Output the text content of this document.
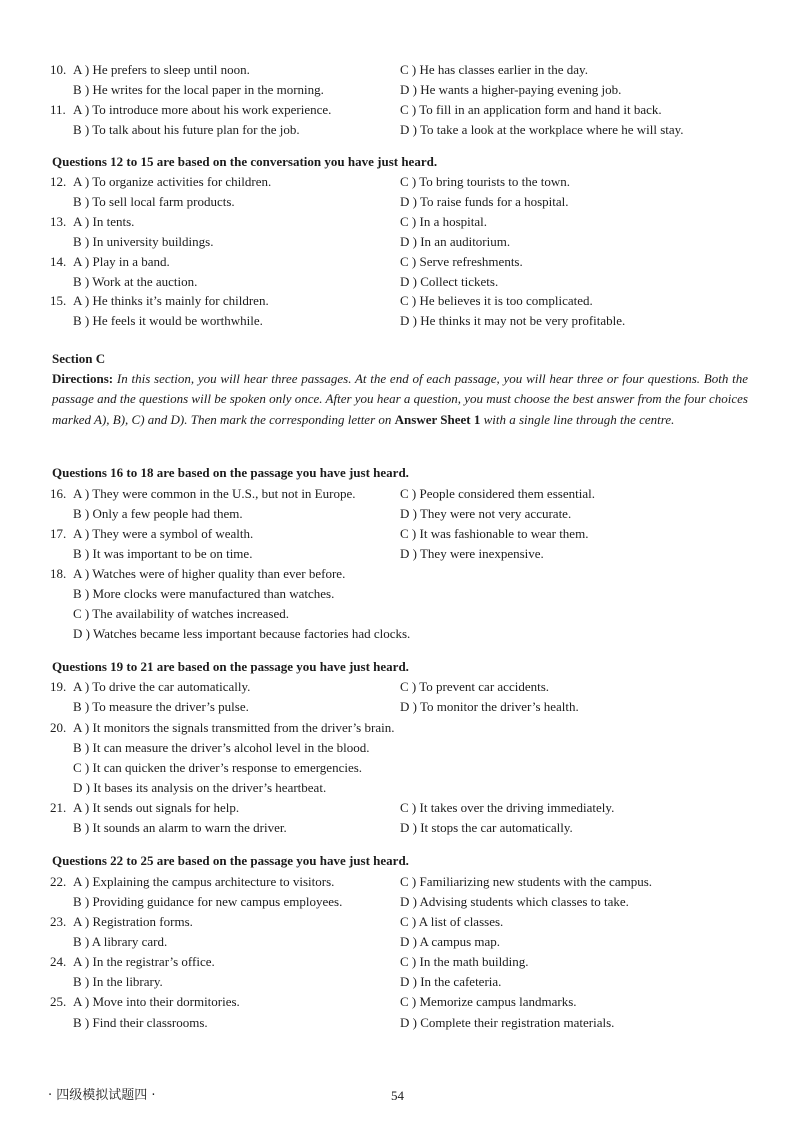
10. A ) He prefers to sleep until noon.	C ) He has classes earlier in the day.
B ) He writes for the local paper in the morning.	D ) He wants a higher-paying evening job.
11. A ) To introduce more about his work experience.	C ) To fill in an application form and hand it back.
B ) To talk about his future plan for the job.	D ) To take a look at the workplace where he will stay.
Questions 12 to 15 are based on the conversation you have just heard.
12. A ) To organize activities for children.	C ) To bring tourists to the town.
B ) To sell local farm products.	D ) To raise funds for a hospital.
13. A ) In tents.	C ) In a hospital.
B ) In university buildings.	D ) In an auditorium.
14. A ) Play in a band.	C ) Serve refreshments.
B ) Work at the auction.	D ) Collect tickets.
15. A ) He thinks it’s mainly for children.	C ) He believes it is too complicated.
B ) He feels it would be worthwhile.	D ) He thinks it may not be very profitable.
Section C
Directions: In this section, you will hear three passages. At the end of each passage, you will hear three or four questions. Both the passage and the questions will be spoken only once. After you hear a question, you must choose the best answer from the four choices marked A), B), C) and D). Then mark the corresponding letter on Answer Sheet 1 with a single line through the centre.
Questions 16 to 18 are based on the passage you have just heard.
16. A ) They were common in the U.S., but not in Europe.	C ) People considered them essential.
B ) Only a few people had them.	D ) They were not very accurate.
17. A ) They were a symbol of wealth.	C ) It was fashionable to wear them.
B ) It was important to be on time.	D ) They were inexpensive.
18. A ) Watches were of higher quality than ever before.
B ) More clocks were manufactured than watches.
C ) The availability of watches increased.
D ) Watches became less important because factories had clocks.
Questions 19 to 21 are based on the passage you have just heard.
19. A ) To drive the car automatically.	C ) To prevent car accidents.
B ) To measure the driver’s pulse.	D ) To monitor the driver’s health.
20. A ) It monitors the signals transmitted from the driver’s brain.
B ) It can measure the driver’s alcohol level in the blood.
C ) It can quicken the driver’s response to emergencies.
D ) It bases its analysis on the driver’s heartbeat.
21. A ) It sends out signals for help.	C ) It takes over the driving immediately.
B ) It sounds an alarm to warn the driver.	D ) It stops the car automatically.
Questions 22 to 25 are based on the passage you have just heard.
22. A ) Explaining the campus architecture to visitors.	C ) Familiarizing new students with the campus.
B ) Providing guidance for new campus employees.	D ) Advising students which classes to take.
23. A ) Registration forms.	C ) A list of classes.
B ) A library card.	D ) A campus map.
24. A ) In the registrar’s office.	C ) In the math building.
B ) In the library.	D ) In the cafeteria.
25. A ) Move into their dormitories.	C ) Memorize campus landmarks.
B ) Find their classrooms.	D ) Complete their registration materials.
· 四级模拟试题四 ·	54
